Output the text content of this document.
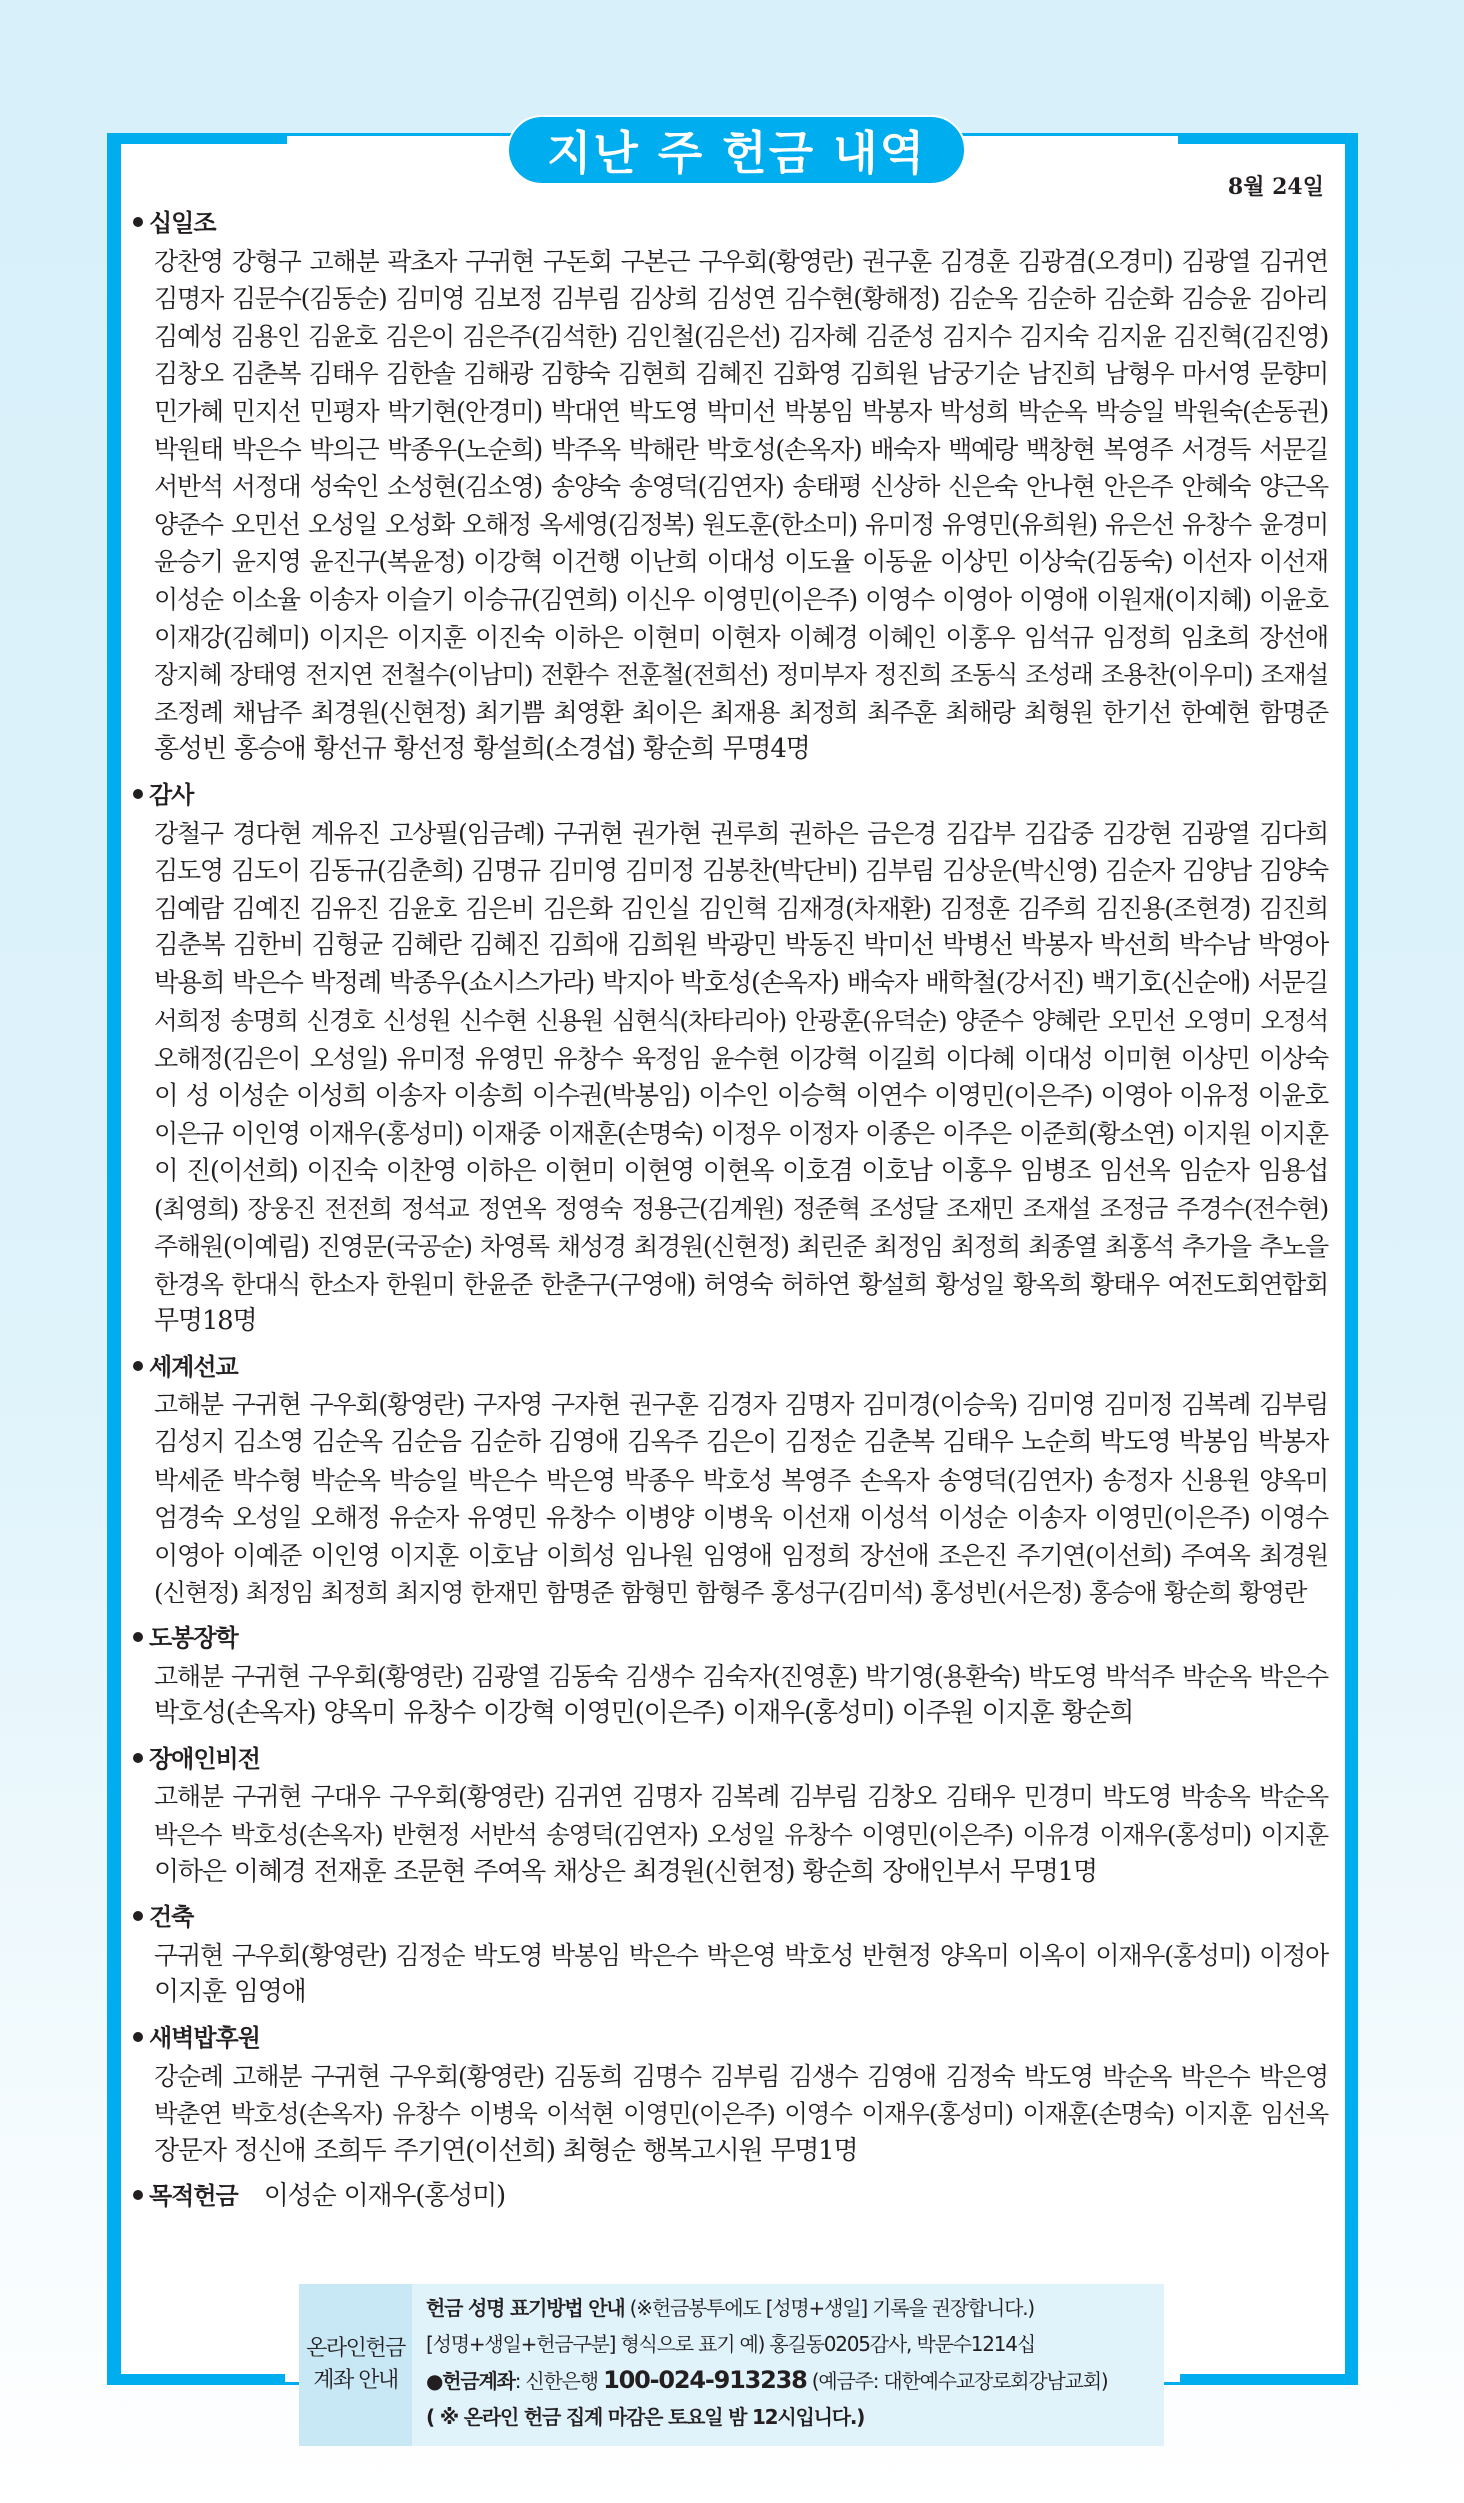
지난 주 헌금 내역
8월 24일
십일조
강찬영 강형구 고해분 곽초자 구귀현 구돈회 구본근 구우회(황영란) 권구훈 김경훈 김광겸(오경미) 김광열 김귀연
김명자 김문수(김동순) 김미영 김보정 김부림 김상희 김성연 김수현(황해정) 김순옥 김순하 김순화 김승윤 김아리
김예성 김용인 김윤호 김은이 김은주(김석한) 김인철(김은선) 김자혜 김준성 김지수 김지숙 김지윤 김진혁(김진영)
김창오 김춘복 김태우 김한솔 김해광 김향숙 김현희 김혜진 김화영 김희원 남궁기순 남진희 남형우 마서영 문향미
민가혜 민지선 민평자 박기현(안경미) 박대연 박도영 박미선 박봉임 박봉자 박성희 박순옥 박승일 박원숙(손동권)
박원태 박은수 박의근 박종우(노순희) 박주옥 박해란 박호성(손옥자) 배숙자 백예랑 백창현 복영주 서경득 서문길
서반석 서정대 성숙인 소성현(김소영) 송양숙 송영덕(김연자) 송태평 신상하 신은숙 안나현 안은주 안혜숙 양근옥
양준수 오민선 오성일 오성화 오해정 옥세영(김정복) 원도훈(한소미) 유미정 유영민(유희원) 유은선 유창수 윤경미
윤승기 윤지영 윤진구(복윤정) 이강혁 이건행 이난희 이대성 이도율 이동윤 이상민 이상숙(김동숙) 이선자 이선재
이성순 이소율 이송자 이슬기 이승규(김연희) 이신우 이영민(이은주) 이영수 이영아 이영애 이원재(이지혜) 이윤호
이재강(김혜미) 이지은 이지훈 이진숙 이하은 이현미 이현자 이혜경 이혜인 이홍우 임석규 임정희 임초희 장선애
장지혜 장태영 전지연 전철수(이남미) 전환수 전훈철(전희선) 정미부자 정진희 조동식 조성래 조용찬(이우미) 조재설
조정례 채남주 최경원(신현정) 최기쁨 최영환 최이은 최재용 최정희 최주훈 최해랑 최형원 한기선 한예현 함명준
홍성빈 홍승애 황선규 황선정 황설희(소경섭) 황순희 무명4명
감사
강철구 경다현 계유진 고상필(임금례) 구귀현 권가현 권루희 권하은 금은경 김갑부 김갑중 김강현 김광열 김다희
김도영 김도이 김동규(김춘희) 김명규 김미영 김미정 김봉찬(박단비) 김부림 김상운(박신영) 김순자 김양남 김양숙
김예람 김예진 김유진 김윤호 김은비 김은화 김인실 김인혁 김재경(차재환) 김정훈 김주희 김진용(조현경) 김진희
김춘복 김한비 김형균 김혜란 김혜진 김희애 김희원 박광민 박동진 박미선 박병선 박봉자 박선희 박수남 박영아
박용희 박은수 박정례 박종우(쇼시스가라) 박지아 박호성(손옥자) 배숙자 배학철(강서진) 백기호(신순애) 서문길
서희정 송명희 신경호 신성원 신수현 신용원 심현식(차타리아) 안광훈(유덕순) 양준수 양혜란 오민선 오영미 오정석
오해정(김은이 오성일) 유미정 유영민 유창수 육정임 윤수현 이강혁 이길희 이다혜 이대성 이미현 이상민 이상숙
이 성 이성순 이성희 이송자 이송희 이수권(박봉임) 이수인 이승혁 이연수 이영민(이은주) 이영아 이유정 이윤호
이은규 이인영 이재우(홍성미) 이재중 이재훈(손명숙) 이정우 이정자 이종은 이주은 이준희(황소연) 이지원 이지훈
이 진(이선희) 이진숙 이찬영 이하은 이현미 이현영 이현옥 이호겸 이호남 이홍우 임병조 임선옥 임순자 임용섭
(최영희) 장웅진 전전희 정석교 정연옥 정영숙 정용근(김계원) 정준혁 조성달 조재민 조재설 조정금 주경수(전수현)
주해원(이예림) 진영문(국공순) 차영록 채성경 최경원(신현정) 최린준 최정임 최정희 최종열 최홍석 추가을 추노을
한경옥 한대식 한소자 한원미 한윤준 한춘구(구영애) 허영숙 허하연 황설희 황성일 황옥희 황태우 여전도회연합회
무명18명
세계선교
고해분 구귀현 구우회(황영란) 구자영 구자현 권구훈 김경자 김명자 김미경(이승욱) 김미영 김미정 김복례 김부림
김성지 김소영 김순옥 김순음 김순하 김영애 김옥주 김은이 김정순 김춘복 김태우 노순희 박도영 박봉임 박봉자
박세준 박수형 박순옥 박승일 박은수 박은영 박종우 박호성 복영주 손옥자 송영덕(김연자) 송정자 신용원 양옥미
엄경숙 오성일 오해정 유순자 유영민 유창수 이병양 이병욱 이선재 이성석 이성순 이송자 이영민(이은주) 이영수
이영아 이예준 이인영 이지훈 이호남 이희성 임나원 임영애 임정희 장선애 조은진 주기연(이선희) 주여옥 최경원
(신현정) 최정임 최정희 최지영 한재민 함명준 함형민 함형주 홍성구(김미석) 홍성빈(서은정) 홍승애 황순희 황영란
도봉장학
고해분 구귀현 구우회(황영란) 김광열 김동숙 김생수 김숙자(진영훈) 박기영(용환숙) 박도영 박석주 박순옥 박은수
박호성(손옥자) 양옥미 유창수 이강혁 이영민(이은주) 이재우(홍성미) 이주원 이지훈 황순희
장애인비전
고해분 구귀현 구대우 구우회(황영란) 김귀연 김명자 김복례 김부림 김창오 김태우 민경미 박도영 박송옥 박순옥
박은수 박호성(손옥자) 반현정 서반석 송영덕(김연자) 오성일 유창수 이영민(이은주) 이유경 이재우(홍성미) 이지훈
이하은 이혜경 전재훈 조문현 주여옥 채상은 최경원(신현정) 황순희 장애인부서 무명1명
건축
구귀현 구우회(황영란) 김정순 박도영 박봉임 박은수 박은영 박호성 반현정 양옥미 이옥이 이재우(홍성미) 이정아
이지훈 임영애
새벽밥후원
강순례 고해분 구귀현 구우회(황영란) 김동희 김명수 김부림 김생수 김영애 김정숙 박도영 박순옥 박은수 박은영
박춘연 박호성(손옥자) 유창수 이병욱 이석현 이영민(이은주) 이영수 이재우(홍성미) 이재훈(손명숙) 이지훈 임선옥
장문자 정신애 조희두 주기연(이선희) 최형순 행복고시원 무명1명
목적헌금 이성순 이재우(홍성미)
온라인헌금
계좌 안내
헌금 성명 표기방법 안내 (※헌금봉투에도 [성명+생일] 기록을 권장합니다.)
[성명+생일+헌금구분] 형식으로 표기 예) 홍길동0205감사, 박문수1214십
●헌금계좌: 신한은행 100-024-913238 (예금주: 대한예수교장로회강남교회)
( ※ 온라인 헌금 집계 마감은 토요일 밤 12시입니다.)
